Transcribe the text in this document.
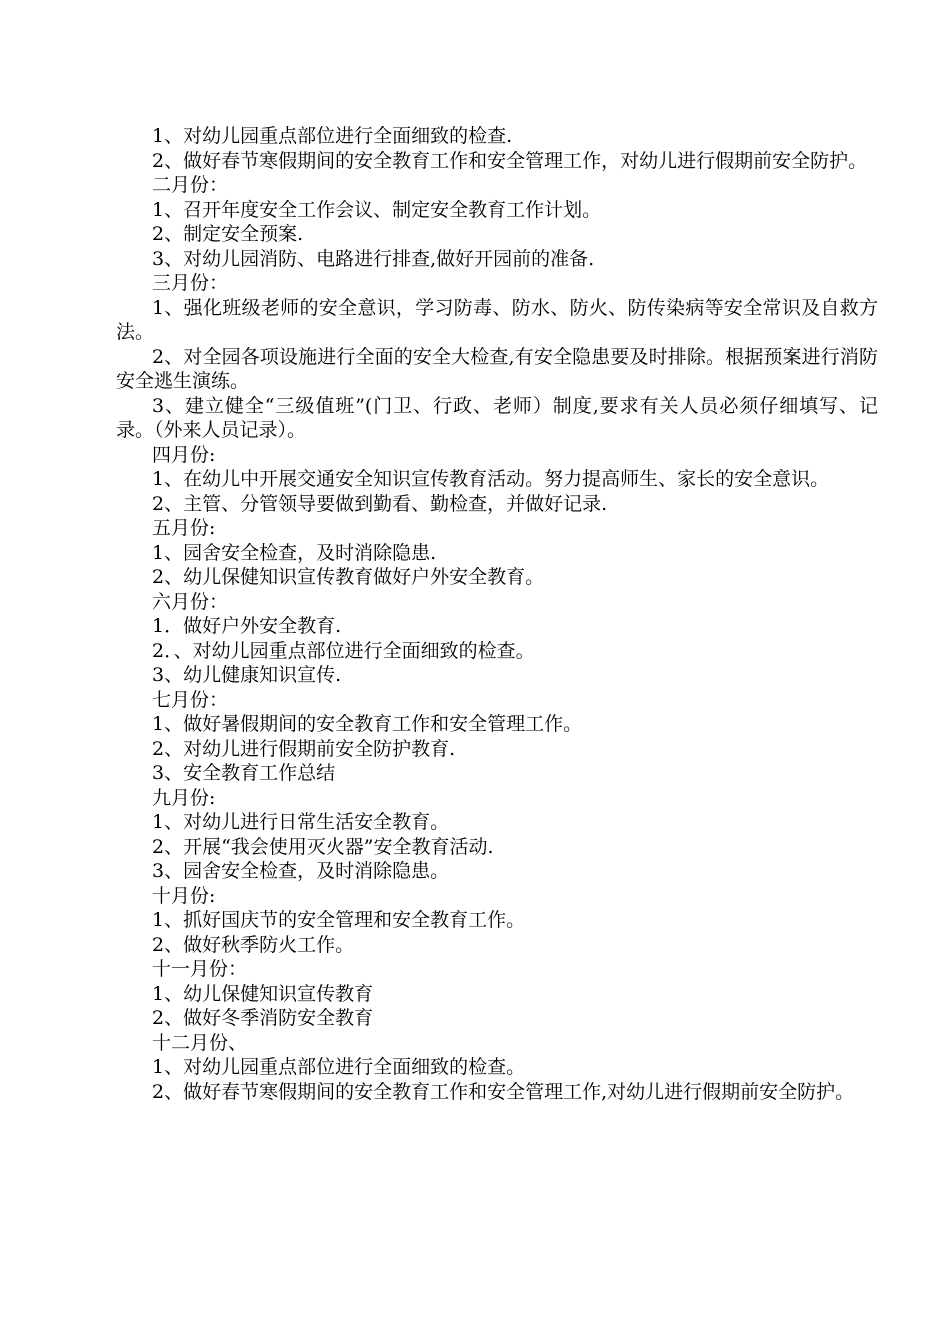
1、对幼儿园重点部位进行全面细致的检查.

2、做好春节寒假期间的安全教育工作和安全管理工作，对幼儿进行假期前安全防护。

二月份：

1、召开年度安全工作会议、制定安全教育工作计划。

2、制定安全预案.

3、对幼儿园消防、电路进行排查,做好开园前的准备.

三月份：

1、强化班级老师的安全意识，学习防毒、防水、防火、防传染病等安全常识及自救方法。

2、对全园各项设施进行全面的安全大检查,有安全隐患要及时排除。根据预案进行消防安全逃生演练。

3、建立健全“三级值班”(门卫、行政、老师）制度,要求有关人员必须仔细填写、记录。（外来人员记录）。

四月份:

1、在幼儿中开展交通安全知识宣传教育活动。努力提高师生、家长的安全意识。

2、主管、分管领导要做到勤看、勤检查，并做好记录.

五月份:

1、园舍安全检查，及时消除隐患.

2、幼儿保健知识宣传教育做好户外安全教育。

六月份：

1．做好户外安全教育.

2．、对幼儿园重点部位进行全面细致的检查。

3、幼儿健康知识宣传.

七月份：

1、做好暑假期间的安全教育工作和安全管理工作。

2、对幼儿进行假期前安全防护教育.

3、安全教育工作总结

九月份:

1、对幼儿进行日常生活安全教育。

2、开展“我会使用灭火器”安全教育活动.

3、园舍安全检查，及时消除隐患。

十月份:

1、抓好国庆节的安全管理和安全教育工作。

2、做好秋季防火工作。

十一月份：

1、幼儿保健知识宣传教育

2、做好冬季消防安全教育

十二月份、

1、对幼儿园重点部位进行全面细致的检查。

2、做好春节寒假期间的安全教育工作和安全管理工作,对幼儿进行假期前安全防护。
